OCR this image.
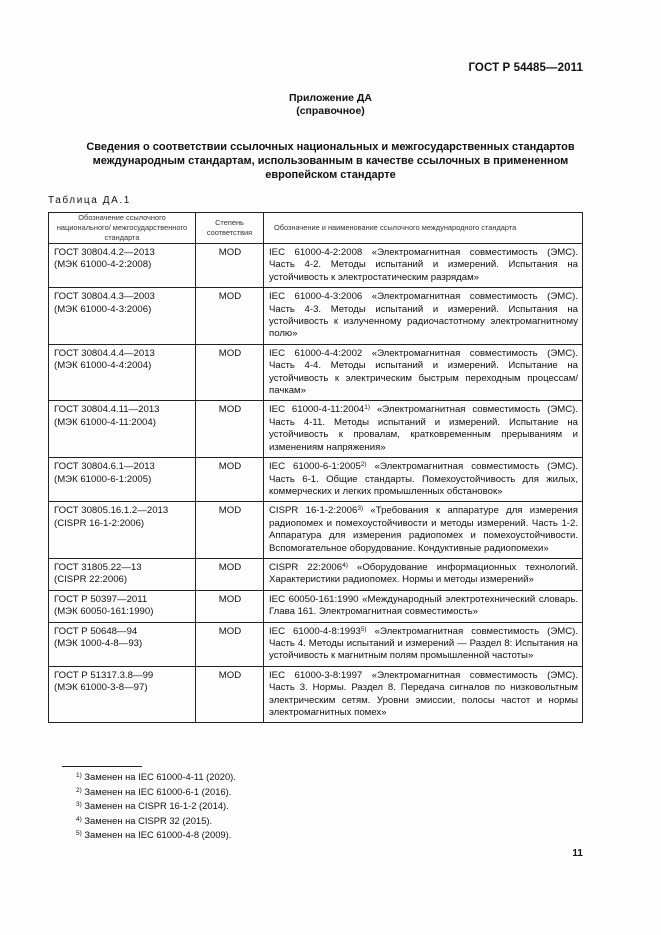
ГОСТ Р 54485—2011
Приложение ДА
(справочное)
Сведения о соответствии ссылочных национальных и межгосударственных стандартов международным стандартам, использованным в качестве ссылочных в примененном европейском стандарте
Таблица ДА.1
Обозначение ссылочного национального/ межгосударственного стандарта	Степень соответствия	Обозначение и наименование ссылочного международного стандарта

ГОСТ 30804.4.2—2013
(МЭК 61000-4-2:2008)	MOD	IEC 61000-4-2:2008 «Электромагнитная совместимость (ЭМС). Часть 4-2. Методы испытаний и измерений. Испытания на устойчивость к электростатическим разрядам»

ГОСТ 30804.4.3—2003
(МЭК 61000-4-3:2006)	MOD	IEC 61000-4-3:2006 «Электромагнитная совместимость (ЭМС). Часть 4-3. Методы испытаний и измерений. Испытания на устойчивость к излученному радиочастотному электромагнитному полю»

ГОСТ 30804.4.4—2013
(МЭК 61000-4-4:2004)	MOD	IEC 61000-4-4:2002 «Электромагнитная совместимость (ЭМС). Часть 4-4. Методы испытаний и измерений. Испытание на устойчивость к электрическим быстрым переходным процессам/пачкам»

ГОСТ 30804.4.11—2013
(МЭК 61000-4-11:2004)	MOD	IEC 61000-4-11:2004$^{1)}$ «Электромагнитная совместимость (ЭМС). Часть 4-11. Методы испытаний и измерений. Испытание на устойчивость к провалам, кратковременным прерываниям и изменениям напряжения»

ГОСТ 30804.6.1—2013
(МЭК 61000-6-1:2005)	MOD	IEC 61000-6-1:2005$^{2)}$ «Электромагнитная совместимость (ЭМС). Часть 6-1. Общие стандарты. Помехоустойчивость для жилых, коммерческих и легких промышленных обстановок»

ГОСТ 30805.16.1.2—2013
(CISPR 16-1-2:2006)	MOD	CISPR 16-1-2:2006$^{3)}$ «Требования к аппаратуре для измерения радиопомех и помехоустойчивости и методы измерений. Часть 1-2. Аппаратура для измерения радиопомех и помехоустойчивости. Вспомогательное оборудование. Кондуктивные радиопомехи»

ГОСТ 31805.22—13
(CISPR 22:2006)	MOD	CISPR 22:2006$^{4)}$ «Оборудование информационных технологий. Характеристики радиопомех. Нормы и методы измерений»

ГОСТ Р 50397—2011
(МЭК 60050-161:1990)	MOD	IEC 60050-161:1990 «Международный электротехнический словарь. Глава 161. Электромагнитная совместимость»

ГОСТ Р 50648—94
(МЭК 1000-4-8—93)	MOD	IEC 61000-4-8:1993$^{5)}$ «Электромагнитная совместимость (ЭМС). Часть 4. Методы испытаний и измерений — Раздел 8: Испытания на устойчивость к магнитным полям промышленной частоты»

ГОСТ Р 51317.3.8—99
(МЭК 61000-3-8—97)	MOD	IEC 61000-3-8:1997 «Электромагнитная совместимость (ЭМС). Часть 3. Нормы. Раздел 8. Передача сигналов по низковольтным электрическим сетям. Уровни эмиссии, полосы частот и нормы электромагнитных помех»
$^{1)}$ Заменен на IEC 61000-4-11 (2020).
$^{2)}$ Заменен на IEC 61000-6-1 (2016).
$^{3)}$ Заменен на CISPR 16-1-2 (2014).
$^{4)}$ Заменен на CISPR 32 (2015).
$^{5)}$ Заменен на IEC 61000-4-8 (2009).
11
